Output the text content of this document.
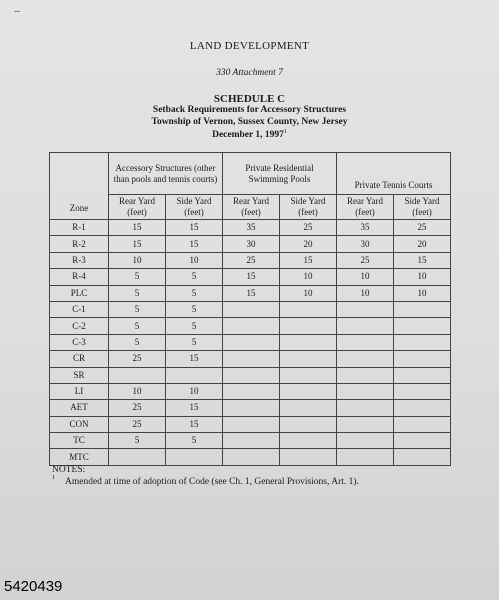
~
LAND DEVELOPMENT
330 Attachment 7
SCHEDULE C
Setback Requirements for Accessory Structures
Township of Vernon, Sussex County, New Jersey
December 1, 1997$^1$
Zone	Accessory Structures (other than pools and tennis courts)		Private Residential Swimming Pools		Private Tennis Courts	
	Rear Yard (feet)	Side Yard (feet)	Rear Yard (feet)	Side Yard (feet)	Rear Yard (feet)	Side Yard (feet)
R-1	15	15	35	25	35	25
R-2	15	15	30	20	30	20
R-3	10	10	25	15	25	15
R-4	5	5	15	10	10	10
PLC	5	5	15	10	10	10
C-1	5	5				
C-2	5	5				
C-3	5	5				
CR	25	15				
SR						
LI	10	10				
AET	25	15				
CON	25	15				
TC	5	5				
MTC						
NOTES:
$^1$ Amended at time of adoption of Code (see Ch. 1, General Provisions, Art. 1).
5420439
